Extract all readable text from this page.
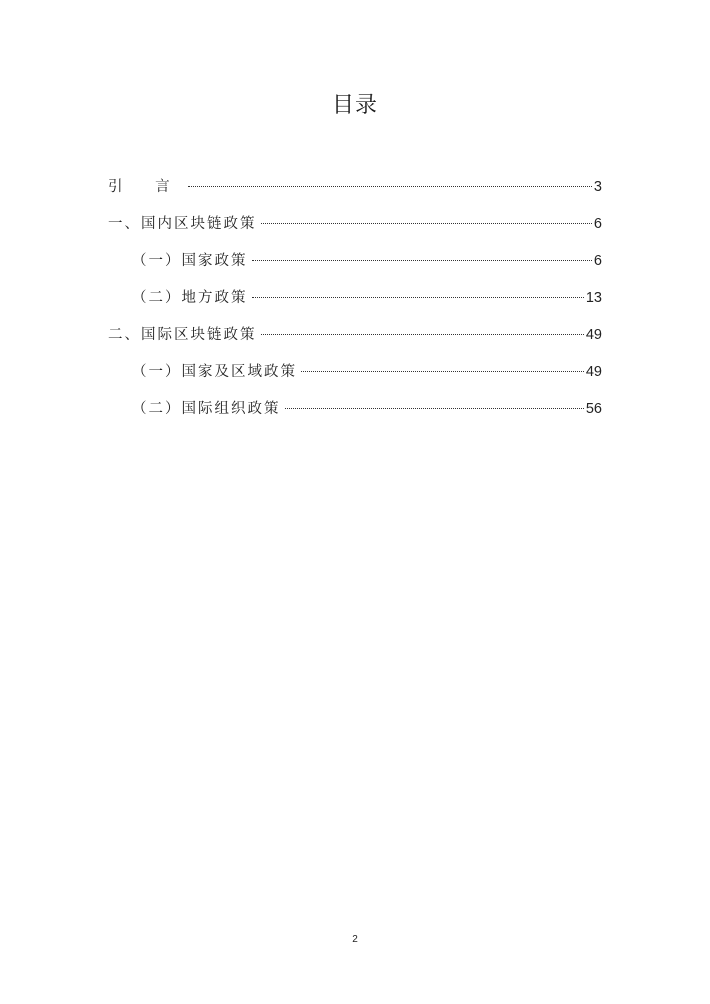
目录
引 言	3
一、国内区块链政策	6
（一）国家政策	6
（二）地方政策	13
二、国际区块链政策	49
（一）国家及区域政策	49
（二）国际组织政策	56
2
